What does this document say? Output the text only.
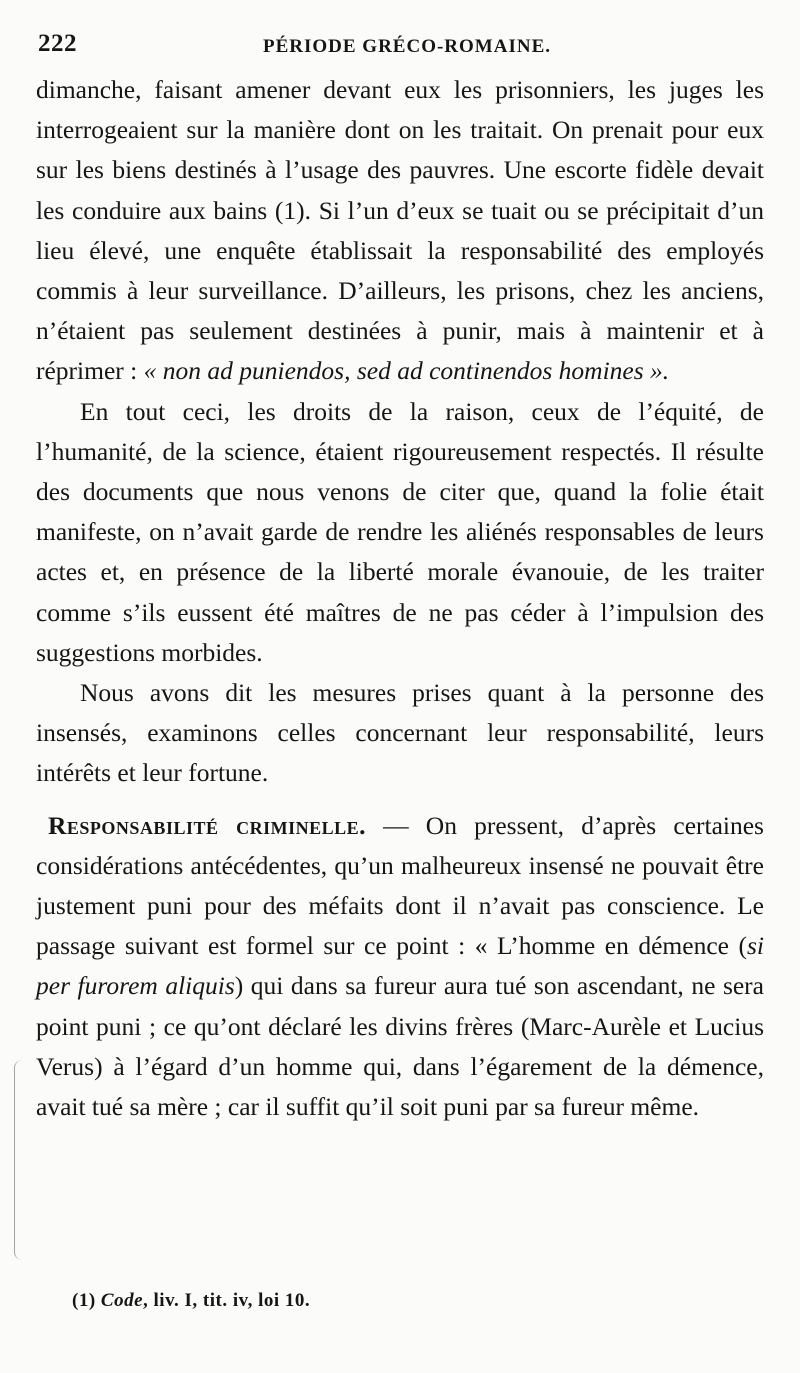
222	PÉRIODE GRÉCO-ROMAINE.

dimanche, faisant amener devant eux les prisonniers, les juges les interrogeaient sur la manière dont on les traitait. On prenait pour eux sur les biens destinés à l’usage des pauvres. Une escorte fidèle devait les conduire aux bains (1). Si l’un d’eux se tuait ou se précipitait d’un lieu élevé, une enquête établissait la responsabilité des employés commis à leur surveillance. D’ailleurs, les prisons, chez les anciens, n’étaient pas seulement destinées à punir, mais à maintenir et à réprimer : « non ad puniendos, sed ad continendos homines ».

En tout ceci, les droits de la raison, ceux de l’équité, de l’humanité, de la science, étaient rigoureusement respectés. Il résulte des documents que nous venons de citer que, quand la folie était manifeste, on n’avait garde de rendre les aliénés responsables de leurs actes et, en présence de la liberté morale évanouie, de les traiter comme s’ils eussent été maîtres de ne pas céder à l’impulsion des suggestions morbides.

Nous avons dit les mesures prises quant à la personne des insensés, examinons celles concernant leur responsabilité, leurs intérêts et leur fortune.

Responsabilité criminelle. — On pressent, d’après certaines considérations antécédentes, qu’un malheureux insensé ne pouvait être justement puni pour des méfaits dont il n’avait pas conscience. Le passage suivant est formel sur ce point : « L’homme en démence (si per furorem aliquis) qui dans sa fureur aura tué son ascendant, ne sera point puni ; ce qu’ont déclaré les divins frères (Marc-Aurèle et Lucius Verus) à l’égard d’un homme qui, dans l’égarement de la démence, avait tué sa mère ; car il suffit qu’il soit puni par sa fureur même.

(1) Code, liv. I, tit. iv, loi 10.
